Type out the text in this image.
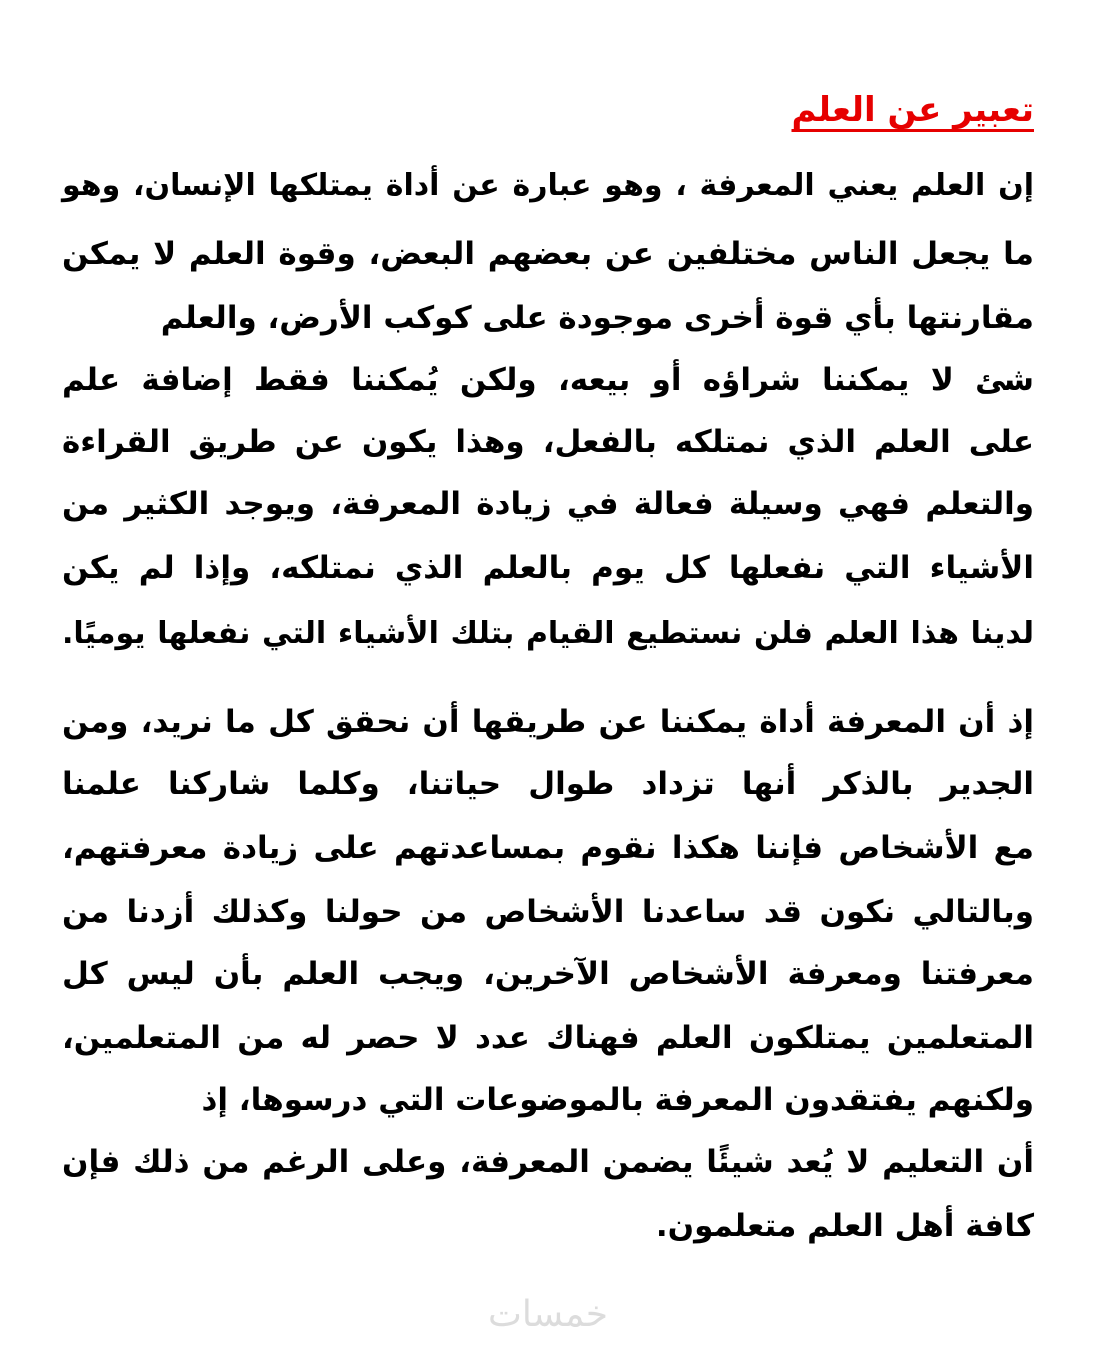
تعبير عن العلم

إن العلم يعني المعرفة ، وهو عبارة عن أداة يمتلكها الإنسان، وهو

ما يجعل الناس مختلفين عن بعضهم البعض، وقوة العلم لا يمكن

مقارنتها بأي قوة أخرى موجودة على كوكب الأرض، والعلم

شئ لا يمكننا شراؤه أو بيعه، ولكن يُمكننا فقط إضافة علم

على العلم الذي نمتلكه بالفعل، وهذا يكون عن طريق القراءة

والتعلم فهي وسيلة فعالة في زيادة المعرفة، ويوجد الكثير من

الأشياء التي نفعلها كل يوم بالعلم الذي نمتلكه، وإذا لم يكن

لدينا هذا العلم فلن نستطيع القيام بتلك الأشياء التي نفعلها يوميًا.

إذ أن المعرفة أداة يمكننا عن طريقها أن نحقق كل ما نريد، ومن

الجدير بالذكر أنها تزداد طوال حياتنا، وكلما شاركنا علمنا

مع الأشخاص فإننا هكذا نقوم بمساعدتهم على زيادة معرفتهم،

وبالتالي نكون قد ساعدنا الأشخاص من حولنا وكذلك أزدنا من

معرفتنا ومعرفة الأشخاص الآخرين، ويجب العلم بأن ليس كل

المتعلمين يمتلكون العلم فهناك عدد لا حصر له من المتعلمين،

ولكنهم يفتقدون المعرفة بالموضوعات التي درسوها، إذ

أن التعليم لا يُعد شيئًا يضمن المعرفة، وعلى الرغم من ذلك فإن

كافة أهل العلم متعلمون.

خمسات
